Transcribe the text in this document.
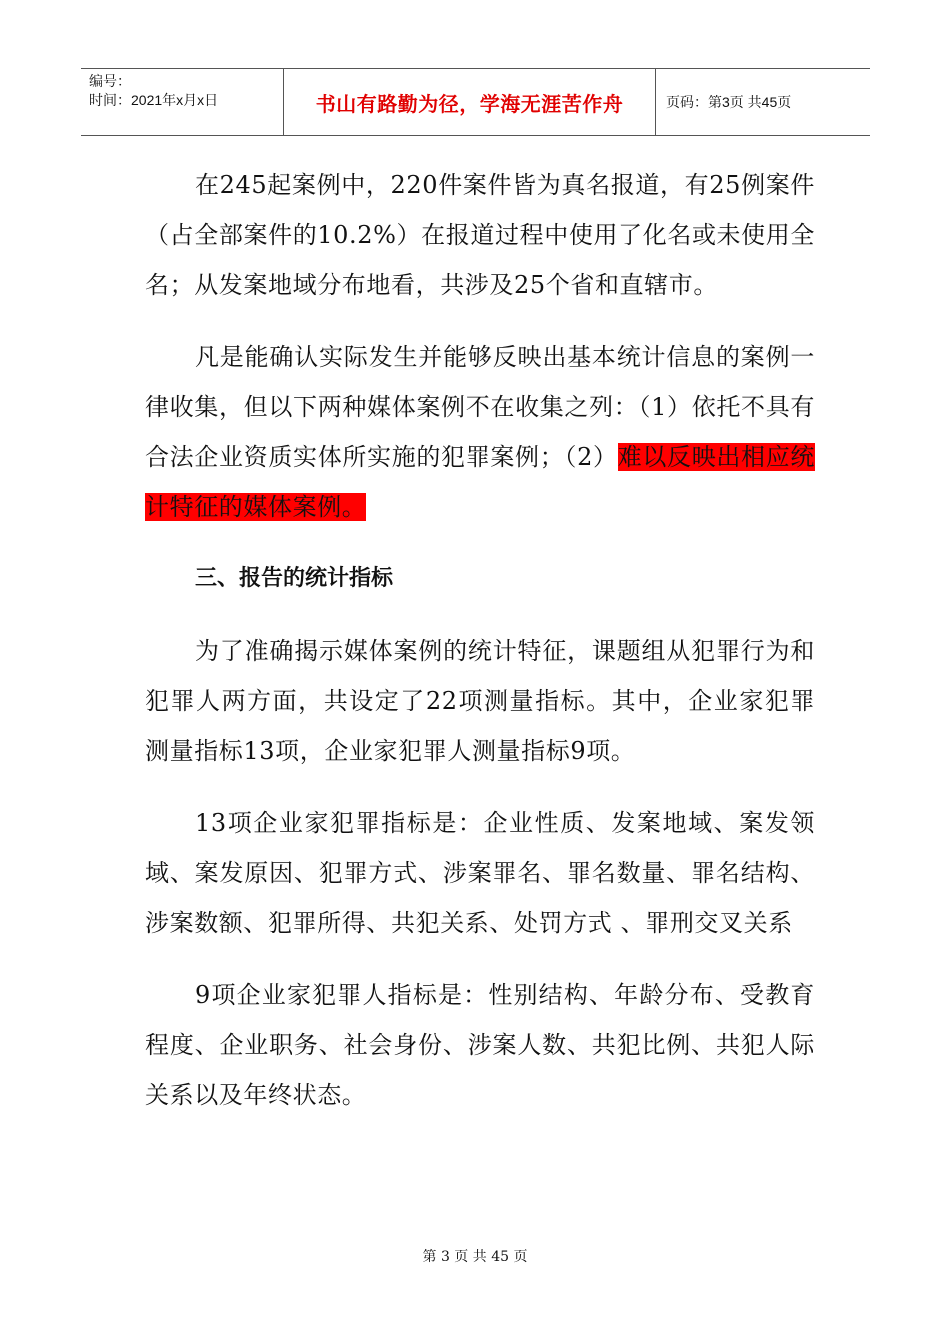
编号：
时间：2021年x月x日	书山有路勤为径，学海无涯苦作舟	页码：第3页 共45页

在245起案例中，220件案件皆为真名报道，有25例案件（占全部案件的10.2%）在报道过程中使用了化名或未使用全名；从发案地域分布地看，共涉及25个省和直辖市。

凡是能确认实际发生并能够反映出基本统计信息的案例一律收集，但以下两种媒体案例不在收集之列：（1）依托不具有合法企业资质实体所实施的犯罪案例；（2）难以反映出相应统计特征的媒体案例。

三、报告的统计指标

为了准确揭示媒体案例的统计特征，课题组从犯罪行为和犯罪人两方面，共设定了22项测量指标。其中，企业家犯罪测量指标13项，企业家犯罪人测量指标9项。

13项企业家犯罪指标是：企业性质、发案地域、案发领域、案发原因、犯罪方式、涉案罪名、罪名数量、罪名结构、涉案数额、犯罪所得、共犯关系、处罚方式 、罪刑交叉关系

9项企业家犯罪人指标是：性别结构、年龄分布、受教育程度、企业职务、社会身份、涉案人数、共犯比例、共犯人际关系以及年终状态。

第 3 页 共 45 页
